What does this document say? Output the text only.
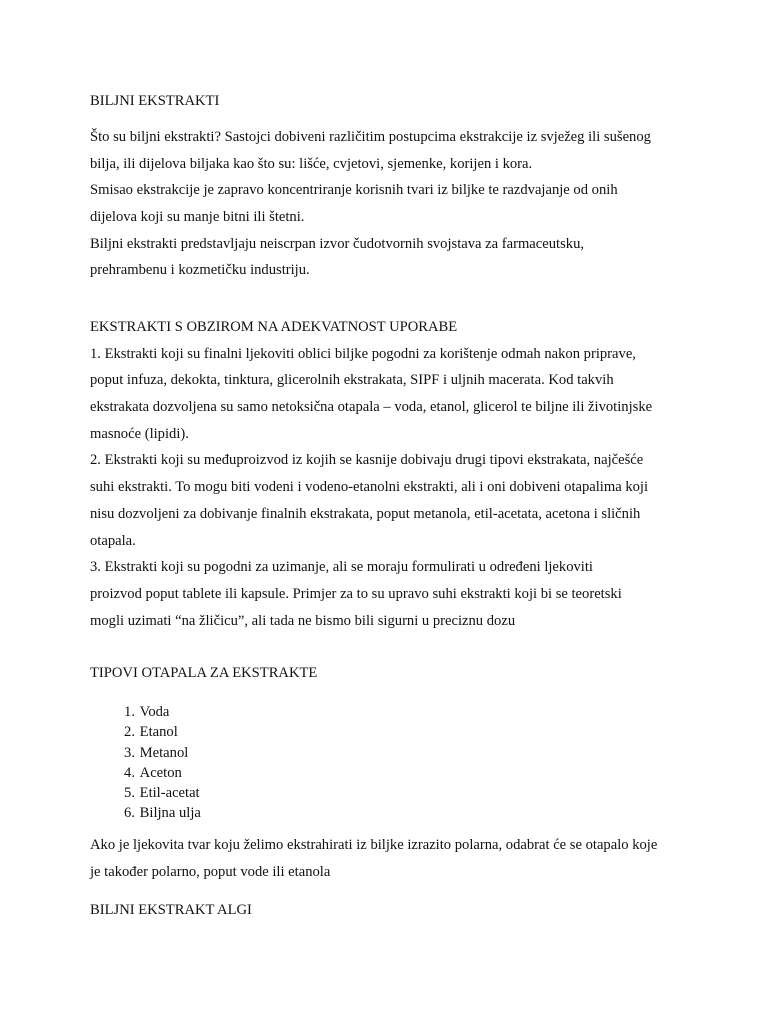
BILJNI EKSTRAKTI
Što su biljni ekstrakti? Sastojci dobiveni različitim postupcima ekstrakcije iz svježeg ili sušenog
bilja, ili dijelova biljaka kao što su: lišće, cvjetovi, sjemenke, korijen i kora.
Smisao ekstrakcije je zapravo koncentriranje korisnih tvari iz biljke te razdvajanje od onih
dijelova koji su manje bitni ili štetni.
Biljni ekstrakti predstavljaju neiscrpan izvor čudotvornih svojstava za farmaceutsku,
prehrambenu i kozmetičku industriju.
EKSTRAKTI S OBZIROM NA ADEKVATNOST UPORABE
1. Ekstrakti koji su finalni ljekoviti oblici biljke pogodni za korištenje odmah nakon priprave,
poput infuza, dekokta, tinktura, glicerolnih ekstrakata, SIPF i uljnih macerata. Kod takvih
ekstrakata dozvoljena su samo netoksična otapala – voda, etanol, glicerol te biljne ili životinjske
masnoće (lipidi).
2. Ekstrakti koji su međuproizvod iz kojih se kasnije dobivaju drugi tipovi ekstrakata, najčešće
suhi ekstrakti. To mogu biti vodeni i vodeno-etanolni ekstrakti, ali i oni dobiveni otapalima koji
nisu dozvoljeni za dobivanje finalnih ekstrakata, poput metanola, etil-acetata, acetona i sličnih
otapala.
3. Ekstrakti koji su pogodni za uzimanje, ali se moraju formulirati u određeni ljekoviti
proizvod poput tablete ili kapsule. Primjer za to su upravo suhi ekstrakti koji bi se teoretski
mogli uzimati “na žličicu”, ali tada ne bismo bili sigurni u preciznu dozu
TIPOVI OTAPALA ZA EKSTRAKTE
1. Voda
2. Etanol
3. Metanol
4. Aceton
5. Etil-acetat
6. Biljna ulja
Ako je ljekovita tvar koju želimo ekstrahirati iz biljke izrazito polarna, odabrat će se otapalo koje
je također polarno, poput vode ili etanola
BILJNI EKSTRAKT ALGI
